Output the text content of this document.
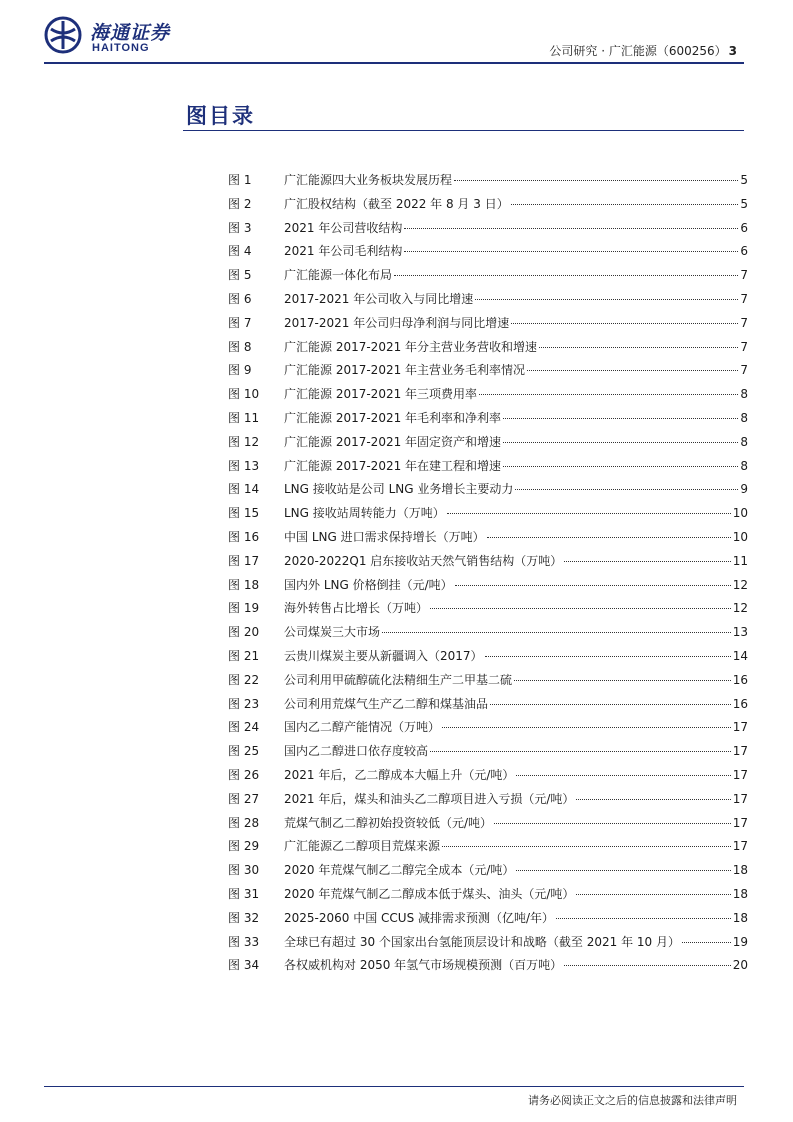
海通证券
HAITONG	公司研究 · 广汇能源（600256） 3
图目录
图 1	广汇能源四大业务板块发展历程	5
图 2	广汇股权结构（截至 2022 年 8 月 3 日）	5
图 3	2021 年公司营收结构	6
图 4	2021 年公司毛利结构	6
图 5	广汇能源一体化布局	7
图 6	2017-2021 年公司收入与同比增速	7
图 7	2017-2021 年公司归母净利润与同比增速	7
图 8	广汇能源 2017-2021 年分主营业务营收和增速	7
图 9	广汇能源 2017-2021 年主营业务毛利率情况	7
图 10	广汇能源 2017-2021 年三项费用率	8
图 11	广汇能源 2017-2021 年毛利率和净利率	8
图 12	广汇能源 2017-2021 年固定资产和增速	8
图 13	广汇能源 2017-2021 年在建工程和增速	8
图 14	LNG 接收站是公司 LNG 业务增长主要动力	9
图 15	LNG 接收站周转能力（万吨）	10
图 16	中国 LNG 进口需求保持增长（万吨）	10
图 17	2020-2022Q1 启东接收站天然气销售结构（万吨）	11
图 18	国内外 LNG 价格倒挂（元/吨）	12
图 19	海外转售占比增长（万吨）	12
图 20	公司煤炭三大市场	13
图 21	云贵川煤炭主要从新疆调入（2017）	14
图 22	公司利用甲硫醇硫化法精细生产二甲基二硫	16
图 23	公司利用荒煤气生产乙二醇和煤基油品	16
图 24	国内乙二醇产能情况（万吨）	17
图 25	国内乙二醇进口依存度较高	17
图 26	2021 年后，乙二醇成本大幅上升（元/吨）	17
图 27	2021 年后，煤头和油头乙二醇项目进入亏损（元/吨）	17
图 28	荒煤气制乙二醇初始投资较低（元/吨）	17
图 29	广汇能源乙二醇项目荒煤来源	17
图 30	2020 年荒煤气制乙二醇完全成本（元/吨）	18
图 31	2020 年荒煤气制乙二醇成本低于煤头、油头（元/吨）	18
图 32	2025-2060 中国 CCUS 减排需求预测（亿吨/年）	18
图 33	全球已有超过 30 个国家出台氢能顶层设计和战略（截至 2021 年 10 月）	19
图 34	各权威机构对 2050 年氢气市场规模预测（百万吨）	20
请务必阅读正文之后的信息披露和法律声明
